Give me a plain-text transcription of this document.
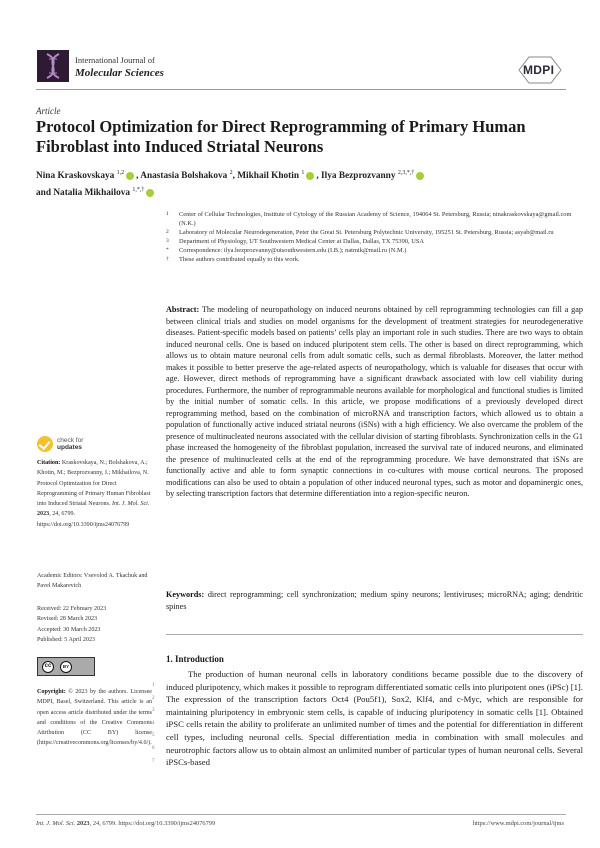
International Journal of
Molecular Sciences	MDPI
Article
Protocol Optimization for Direct Reprogramming of Primary Human Fibroblast into Induced Striatal Neurons
Nina Kraskovskaya $^{1,2}$ , Anastasia Bolshakova $^2$, Mikhail Khotin $^1$ , Ilya Bezprozvanny $^{2,3,*,\dagger}$
and Natalia Mikhailova $^{1,*,\dagger}$
1	Center of Cellular Technologies, Institute of Cytology of the Russian Academy of Science, 194064 St. Petersburg, Russia; ninakraskovskaya@gmail.com (N.K.)
2	Laboratory of Molecular Neurodegeneration, Peter the Great St. Petersburg Polytechnic University, 195251 St. Petersburg, Russia; asyab@mail.ru
3	Department of Physiology, UT Southwestern Medical Center at Dallas, Dallas, TX 75390, USA
*	Correspondence: ilya.bezprozvanny@utsouthwestern.edu (I.B.); natmik@mail.ru (N.M.)
†	These authors contributed equally to this work.
Abstract: The modeling of neuropathology on induced neurons obtained by cell reprogramming technologies can fill a gap between clinical trials and studies on model organisms for the development of treatment strategies for neurodegenerative diseases. Patient-specific models based on patients’ cells play an important role in such studies. There are two ways to obtain induced neuronal cells. One is based on induced pluripotent stem cells. The other is based on direct reprogramming, which allows us to obtain mature neuronal cells from adult somatic cells, such as dermal fibroblasts. Moreover, the latter method makes it possible to better preserve the age-related aspects of neuropathology, which is valuable for diseases that occur with age. However, direct methods of reprogramming have a significant drawback associated with low cell viability during procedures. Furthermore, the number of reprogrammable neurons available for morphological and functional studies is limited by the initial number of somatic cells. In this article, we propose modifications of a previously developed direct reprogramming method, based on the combination of microRNA and transcription factors, which allowed us to obtain a population of functionally active induced striatal neurons (iSNs) with a high efficiency. We also overcame the problem of the presence of multinucleated neurons associated with the cellular division of starting fibroblasts. Synchronization cells in the G1 phase increased the homogeneity of the fibroblast population, increased the survival rate of induced neurons, and eliminated the presence of multinucleated cells at the end of the reprogramming procedure. We have demonstrated that iSNs are functionally active and able to form synaptic connections in co-cultures with mouse cortical neurons. The proposed modifications can also be used to obtain a population of other induced neuronal types, such as motor and dopaminergic ones, by selecting transcription factors that determine differentiation into a region-specific neuron.
Keywords: direct reprogramming; cell synchronization; medium spiny neurons; lentiviruses; microRNA; aging; dendritic spines
1. Introduction
The production of human neuronal cells in laboratory conditions became possible due to the discovery of induced pluripotency, which makes it possible to reprogram differentiated somatic cells into pluripotent ones (iPSc) [1]. The expression of the transcription factors Oct4 (Pou5f1), Sox2, Klf4, and c-Myc, which are responsible for maintaining pluripotency in embryonic stem cells, is capable of inducing pluripotency in somatic cells [1]. Obtained iPSC cells retain the ability to proliferate an unlimited number of times and the potential for differentiation in different cell types, including neuronal cells. Special differentiation media in combination with small molecules and neurotrophic factors allow us to obtain almost an unlimited number of particular types of human neuronal cells. Several iPSCs-based
1
2
3
4
5
6
7
check for
updates
Citation: Kraskovskaya, N.; Bolshakova, A.; Khotin, M.; Bezprozvanny, I.; Mikhailova, N. Protocol Optimization for Direct Reprogramming of Primary Human Fibroblast into Induced Striatal Neurons. Int. J. Mol. Sci. 2023, 24, 6799. https://doi.org/10.3390/ijms24076799
Academic Editors: Vsevolod A. Tkachuk and Pavel Makarevich
Received: 22 February 2023
Revised: 28 March 2023
Accepted: 30 March 2023
Published: 5 April 2023
cc	BY
Copyright: © 2023 by the authors. Licensee MDPI, Basel, Switzerland. This article is an open access article distributed under the terms and conditions of the Creative Commons Attribution (CC BY) license (https://creativecommons.org/licenses/by/4.0/).
Int. J. Mol. Sci. 2023, 24, 6799. https://doi.org/10.3390/ijms24076799	https://www.mdpi.com/journal/ijms
